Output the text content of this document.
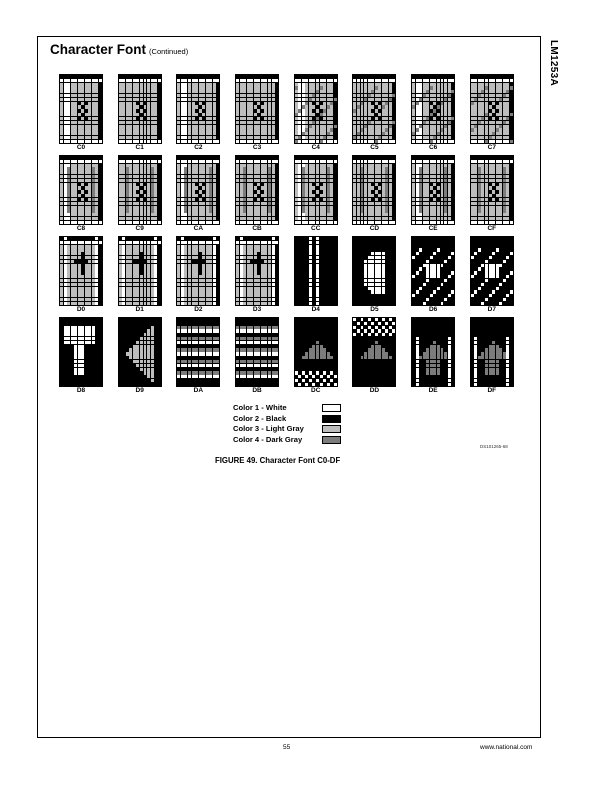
LM1253A
Character Font (Continued)
C0	C1	C2	C3	C4	C5	C6	C7
C8	C9	CA	CB	CC	CD	CE	CF
D0	D1	D2	D3	D4	D5	D6	D7
D8	D9	DA	DB	DC	DD	DE	DF
Color 1 - White
Color 2 - Black
Color 3 - Light Gray
Color 4 - Dark Gray
DS101265-68
FIGURE 49. Character Font C0-DF
55	www.national.com
